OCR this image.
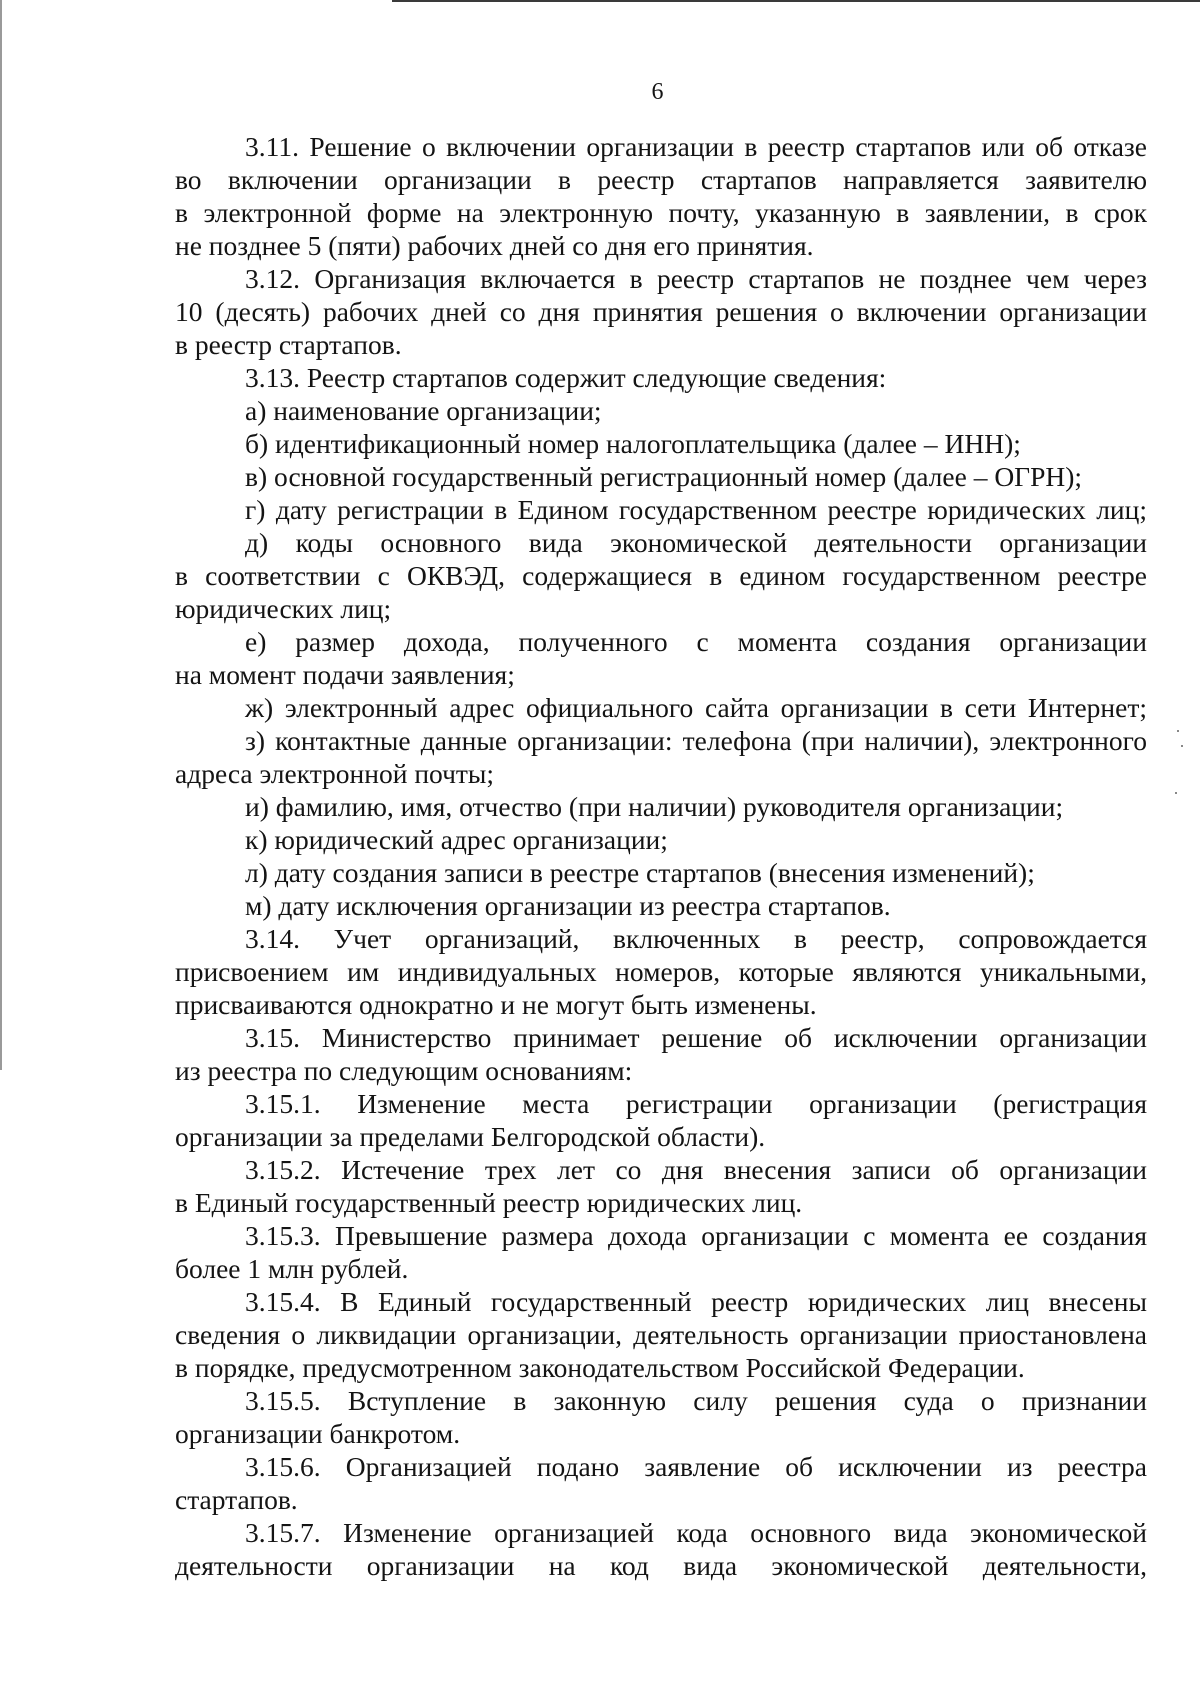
6
3.11. Решение о включении организации в реестр стартапов или об отказе
во включении организации в реестр стартапов направляется заявителю
в электронной форме на электронную почту, указанную в заявлении, в срок
не позднее 5 (пяти) рабочих дней со дня его принятия.
3.12. Организация включается в реестр стартапов не позднее чем через
10 (десять) рабочих дней со дня принятия решения о включении организации
в реестр стартапов.
3.13. Реестр стартапов содержит следующие сведения:
а) наименование организации;
б) идентификационный номер налогоплательщика (далее – ИНН);
в) основной государственный регистрационный номер (далее – ОГРН);
г) дату регистрации в Едином государственном реестре юридических лиц;
д) коды основного вида экономической деятельности организации
в соответствии с ОКВЭД, содержащиеся в едином государственном реестре
юридических лиц;
е) размер дохода, полученного с момента создания организации
на момент подачи заявления;
ж) электронный адрес официального сайта организации в сети Интернет;
з) контактные данные организации: телефона (при наличии), электронного
адреса электронной почты;
и) фамилию, имя, отчество (при наличии) руководителя организации;
к) юридический адрес организации;
л) дату создания записи в реестре стартапов (внесения изменений);
м) дату исключения организации из реестра стартапов.
3.14. Учет организаций, включенных в реестр, сопровождается
присвоением им индивидуальных номеров, которые являются уникальными,
присваиваются однократно и не могут быть изменены.
3.15. Министерство принимает решение об исключении организации
из реестра по следующим основаниям:
3.15.1. Изменение места регистрации организации (регистрация
организации за пределами Белгородской области).
3.15.2. Истечение трех лет со дня внесения записи об организации
в Единый государственный реестр юридических лиц.
3.15.3. Превышение размера дохода организации с момента ее создания
более 1 млн рублей.
3.15.4. В Единый государственный реестр юридических лиц внесены
сведения о ликвидации организации, деятельность организации приостановлена
в порядке, предусмотренном законодательством Российской Федерации.
3.15.5. Вступление в законную силу решения суда о признании
организации банкротом.
3.15.6. Организацией подано заявление об исключении из реестра
стартапов.
3.15.7. Изменение организацией кода основного вида экономической
деятельности организации на код вида экономической деятельности,
